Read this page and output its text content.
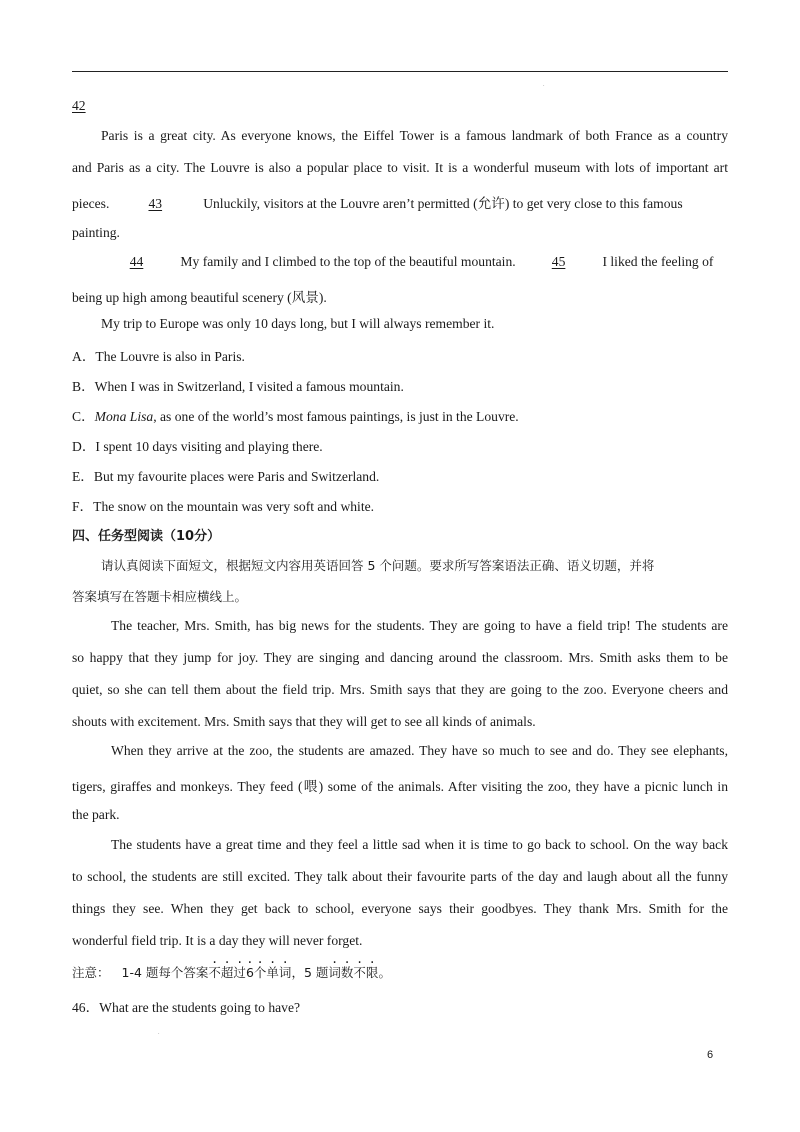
.
.
42
Paris is a great city. As everyone knows, the Eiffel Tower is a famous landmark of both France as a country
and Paris as a city. The Louvre is also a popular place to visit. It is a wonderful museum with lots of important art
pieces.	43	Unluckily, visitors at the Louvre aren’t permitted (允许) to get very close to this famous
painting.
44	My family and I climbed to the top of the beautiful mountain.	45	I liked the feeling of
being up high among beautiful scenery (风景).
My trip to Europe was only 10 days long, but I will always remember it.
A．The Louvre is also in Paris.
B．When I was in Switzerland, I visited a famous mountain.
C．Mona Lisa, as one of the world’s most famous paintings, is just in the Louvre.
D．I spent 10 days visiting and playing there.
E．But my favourite places were Paris and Switzerland.
F．The snow on the mountain was very soft and white.
四、任务型阅读（10分）
请认真阅读下面短文，根据短文内容用英语回答 5 个问题。要求所写答案语法正确、语义切题，并将
答案填写在答题卡相应横线上。
The teacher, Mrs. Smith, has big news for the students. They are going to have a field trip! The students are
so happy that they jump for joy. They are singing and dancing around the classroom. Mrs. Smith asks them to be
quiet, so she can tell them about the field trip. Mrs. Smith says that they are going to the zoo. Everyone cheers and
shouts with excitement. Mrs. Smith says that they will get to see all kinds of animals.
When they arrive at the zoo, the students are amazed. They have so much to see and do. They see elephants,
tigers, giraffes and monkeys. They feed (喂) some of the animals. After visiting the zoo, they have a picnic lunch in
the park.
The students have a great time and they feel a little sad when it is time to go back to school. On the way back
to school, the students are still excited. They talk about their favourite parts of the day and laugh about all the funny
things they see. When they get back to school, everyone says their goodbyes. They thank Mrs. Smith for the
wonderful field trip. It is a day they will never forget.
注意： 1-4 题每个答案不超过· 6个单词，5 题词数不限。
46．What are the students going to have?
6
